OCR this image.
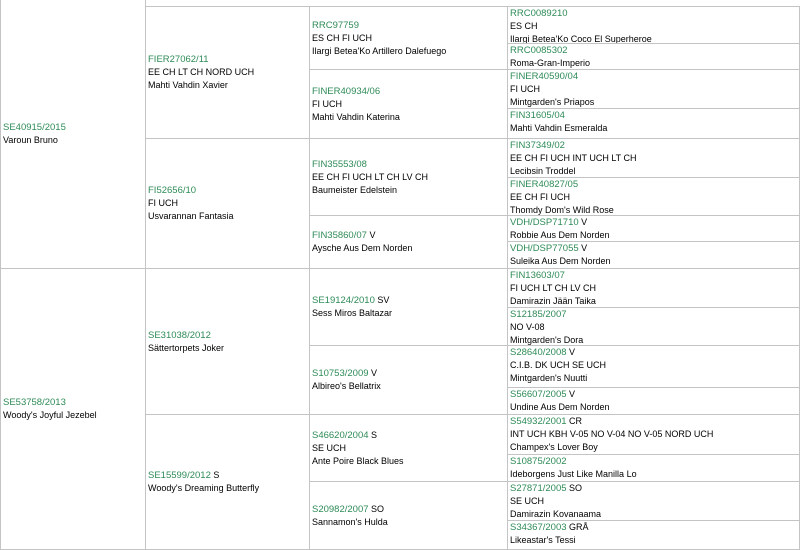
SE40915/2015
Varoun Bruno
SE53758/2013
Woody's Joyful Jezebel
FIER27062/11
EE CH LT CH NORD UCH
Mahti Vahdin Xavier
FI52656/10
FI UCH
Usvarannan Fantasia
SE31038/2012
Sättertorpets Joker
SE15599/2012 S
Woody's Dreaming Butterfly
RRC97759
ES CH FI UCH
Ilargi Betea'Ko Artillero Dalefuego
FINER40934/06
FI UCH
Mahti Vahdin Katerina
FIN35553/08
EE CH FI UCH LT CH LV CH
Baumeister Edelstein
FIN35860/07 V
Aysche Aus Dem Norden
SE19124/2010 SV
Sess Miros Baltazar
S10753/2009 V
Albireo's Bellatrix
S46620/2004 S
SE UCH
Ante Poire Black Blues
S20982/2007 SO
Sannamon's Hulda
RRC0089210
ES CH
Ilargi Betea'Ko Coco El Superheroe
RRC0085302
Roma-Gran-Imperio
FINER40590/04
FI UCH
Mintgarden's Priapos
FIN31605/04
Mahti Vahdin Esmeralda
FIN37349/02
EE CH FI UCH INT UCH LT CH
Lecibsin Troddel
FINER40827/05
EE CH FI UCH
Thomdy Dom's Wild Rose
VDH/DSP71710 V
Robbie Aus Dem Norden
VDH/DSP77055 V
Suleika Aus Dem Norden
FIN13603/07
FI UCH LT CH LV CH
Damirazin Jään Taika
S12185/2007
NO V-08
Mintgarden's Dora
S28640/2008 V
C.I.B. DK UCH SE UCH
Mintgarden's Nuutti
S56607/2005 V
Undine Aus Dem Norden
S54932/2001 CR
INT UCH KBH V-05 NO V-04 NO V-05 NORD UCH
Champex's Lover Boy
S10875/2002
Ideborgens Just Like Manilla Lo
S27871/2005 SO
SE UCH
Damirazin Kovanaama
S34367/2003 GRÅ
Likeastar's Tessi
